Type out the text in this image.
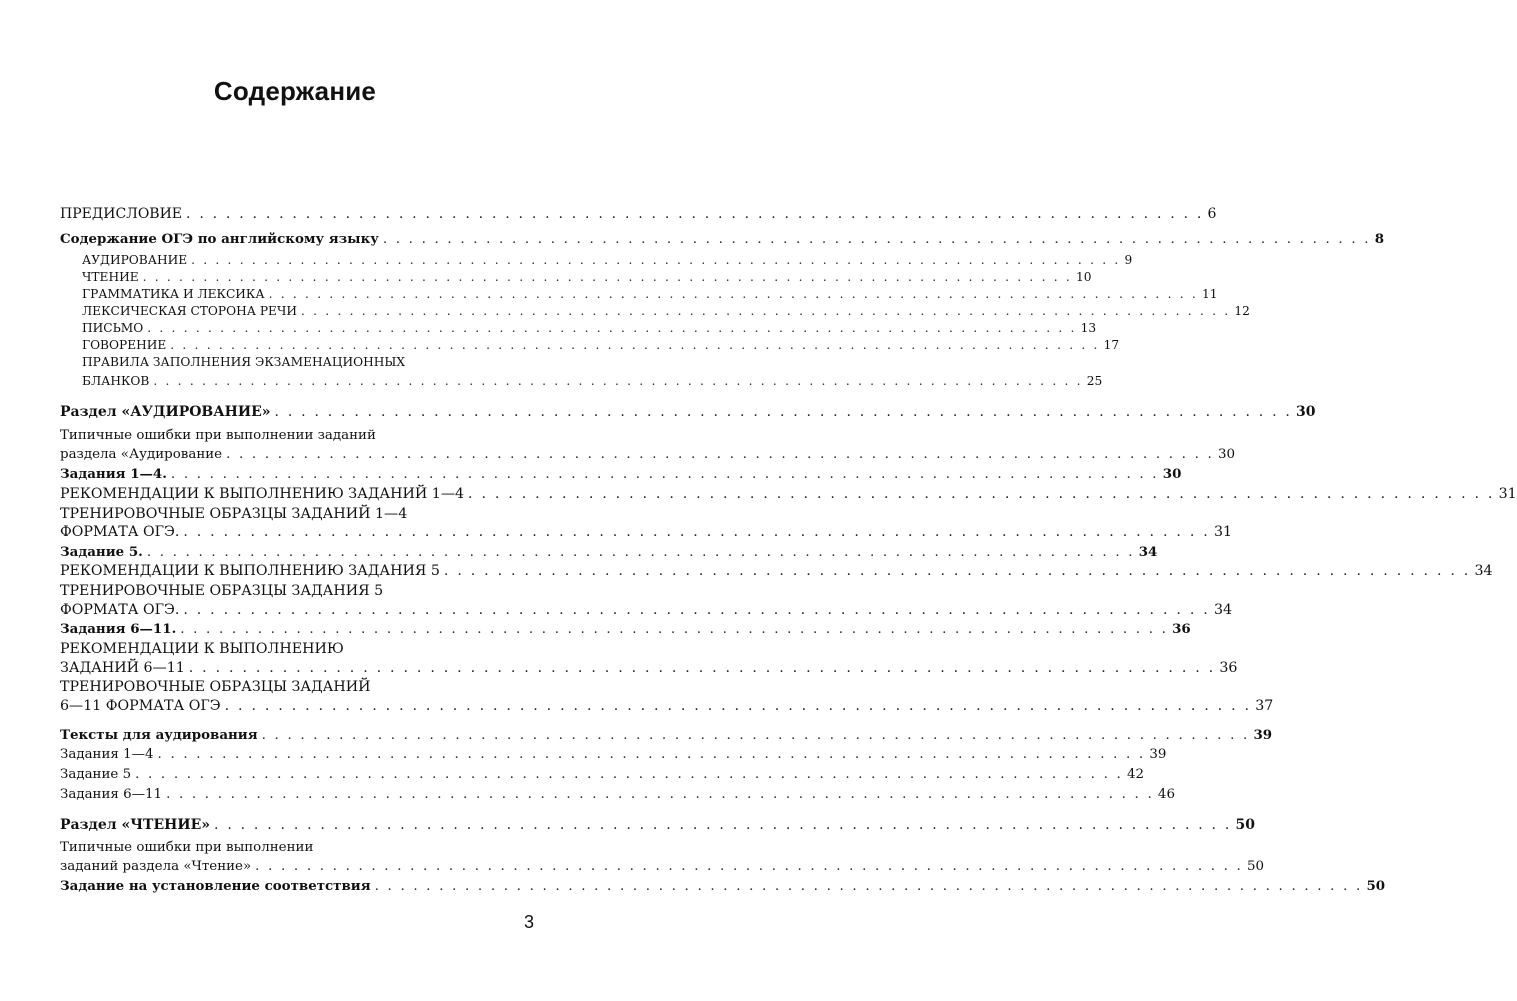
Содержание
ПРЕДИСЛОВИЕ . . . . . . . . . . . . . . . . . . . . . . . . . . . . . . . . . . . . . . . . . . . . . . . . . . . . . . . . . . . . . . . . . . . . . . . . . . . . . 6
Содержание ОГЭ по английскому языку . . . . . . . . . . . . . . . . . . . . . . . . . . . . . . . . . . . . . . . . . . . . . . . . . . . . . . . . . . . . . . . . . . . . . . . . . . . . . 8
АУДИРОВАНИЕ . . . . . . . . . . . . . . . . . . . . . . . . . . . . . . . . . . . . . . . . . . . . . . . . . . . . . . . . . . . . . . . . . . . . . . . . . . . . . 9
ЧТЕНИЕ . . . . . . . . . . . . . . . . . . . . . . . . . . . . . . . . . . . . . . . . . . . . . . . . . . . . . . . . . . . . . . . . . . . . . . . . . . . . . 10
ГРАММАТИКА И ЛЕКСИКА . . . . . . . . . . . . . . . . . . . . . . . . . . . . . . . . . . . . . . . . . . . . . . . . . . . . . . . . . . . . . . . . . . . . . . . . . . . . . 11
ЛЕКСИЧЕСКАЯ СТОРОНА РЕЧИ . . . . . . . . . . . . . . . . . . . . . . . . . . . . . . . . . . . . . . . . . . . . . . . . . . . . . . . . . . . . . . . . . . . . . . . . . . . . . 12
ПИСЬМО . . . . . . . . . . . . . . . . . . . . . . . . . . . . . . . . . . . . . . . . . . . . . . . . . . . . . . . . . . . . . . . . . . . . . . . . . . . . . 13
ГОВОРЕНИЕ . . . . . . . . . . . . . . . . . . . . . . . . . . . . . . . . . . . . . . . . . . . . . . . . . . . . . . . . . . . . . . . . . . . . . . . . . . . . . 17
ПРАВИЛА ЗАПОЛНЕНИЯ ЭКЗАМЕНАЦИОННЫХ
БЛАНКОВ . . . . . . . . . . . . . . . . . . . . . . . . . . . . . . . . . . . . . . . . . . . . . . . . . . . . . . . . . . . . . . . . . . . . . . . . . . . . . 25
Раздел «АУДИРОВАНИЕ» . . . . . . . . . . . . . . . . . . . . . . . . . . . . . . . . . . . . . . . . . . . . . . . . . . . . . . . . . . . . . . . . . . . . . . . . . . . . . 30
Типичные ошибки при выполнении заданий
раздела «Аудирование . . . . . . . . . . . . . . . . . . . . . . . . . . . . . . . . . . . . . . . . . . . . . . . . . . . . . . . . . . . . . . . . . . . . . . . . . . . . . 30
Задания 1—4. . . . . . . . . . . . . . . . . . . . . . . . . . . . . . . . . . . . . . . . . . . . . . . . . . . . . . . . . . . . . . . . . . . . . . . . . . . . . . 30
РЕКОМЕНДАЦИИ К ВЫПОЛНЕНИЮ ЗАДАНИЙ 1—4 . . . . . . . . . . . . . . . . . . . . . . . . . . . . . . . . . . . . . . . . . . . . . . . . . . . . . . . . . . . . . . . . . . . . . . . . . . . . . 31
ТРЕНИРОВОЧНЫЕ ОБРАЗЦЫ ЗАДАНИЙ 1—4
ФОРМАТА ОГЭ. . . . . . . . . . . . . . . . . . . . . . . . . . . . . . . . . . . . . . . . . . . . . . . . . . . . . . . . . . . . . . . . . . . . . . . . . . . . . . 31
Задание 5. . . . . . . . . . . . . . . . . . . . . . . . . . . . . . . . . . . . . . . . . . . . . . . . . . . . . . . . . . . . . . . . . . . . . . . . . . . . . . 34
РЕКОМЕНДАЦИИ К ВЫПОЛНЕНИЮ ЗАДАНИЯ 5 . . . . . . . . . . . . . . . . . . . . . . . . . . . . . . . . . . . . . . . . . . . . . . . . . . . . . . . . . . . . . . . . . . . . . . . . . . . . . 34
ТРЕНИРОВОЧНЫЕ ОБРАЗЦЫ ЗАДАНИЯ 5
ФОРМАТА ОГЭ. . . . . . . . . . . . . . . . . . . . . . . . . . . . . . . . . . . . . . . . . . . . . . . . . . . . . . . . . . . . . . . . . . . . . . . . . . . . . . 34
Задания 6—11. . . . . . . . . . . . . . . . . . . . . . . . . . . . . . . . . . . . . . . . . . . . . . . . . . . . . . . . . . . . . . . . . . . . . . . . . . . . . . 36
РЕКОМЕНДАЦИИ К ВЫПОЛНЕНИЮ
ЗАДАНИЙ 6—11 . . . . . . . . . . . . . . . . . . . . . . . . . . . . . . . . . . . . . . . . . . . . . . . . . . . . . . . . . . . . . . . . . . . . . . . . . . . . . 36
ТРЕНИРОВОЧНЫЕ ОБРАЗЦЫ ЗАДАНИЙ
6—11 ФОРМАТА ОГЭ . . . . . . . . . . . . . . . . . . . . . . . . . . . . . . . . . . . . . . . . . . . . . . . . . . . . . . . . . . . . . . . . . . . . . . . . . . . . . 37
Тексты для аудирования . . . . . . . . . . . . . . . . . . . . . . . . . . . . . . . . . . . . . . . . . . . . . . . . . . . . . . . . . . . . . . . . . . . . . . . . . . . . . 39
Задания 1—4 . . . . . . . . . . . . . . . . . . . . . . . . . . . . . . . . . . . . . . . . . . . . . . . . . . . . . . . . . . . . . . . . . . . . . . . . . . . . . 39
Задание 5 . . . . . . . . . . . . . . . . . . . . . . . . . . . . . . . . . . . . . . . . . . . . . . . . . . . . . . . . . . . . . . . . . . . . . . . . . . . . . 42
Задания 6—11 . . . . . . . . . . . . . . . . . . . . . . . . . . . . . . . . . . . . . . . . . . . . . . . . . . . . . . . . . . . . . . . . . . . . . . . . . . . . . 46
Раздел «ЧТЕНИЕ» . . . . . . . . . . . . . . . . . . . . . . . . . . . . . . . . . . . . . . . . . . . . . . . . . . . . . . . . . . . . . . . . . . . . . . . . . . . . . 50
Типичные ошибки при выполнении
заданий раздела «Чтение» . . . . . . . . . . . . . . . . . . . . . . . . . . . . . . . . . . . . . . . . . . . . . . . . . . . . . . . . . . . . . . . . . . . . . . . . . . . . . 50
Задание на установление соответствия . . . . . . . . . . . . . . . . . . . . . . . . . . . . . . . . . . . . . . . . . . . . . . . . . . . . . . . . . . . . . . . . . . . . . . . . . . . . . 50
3
